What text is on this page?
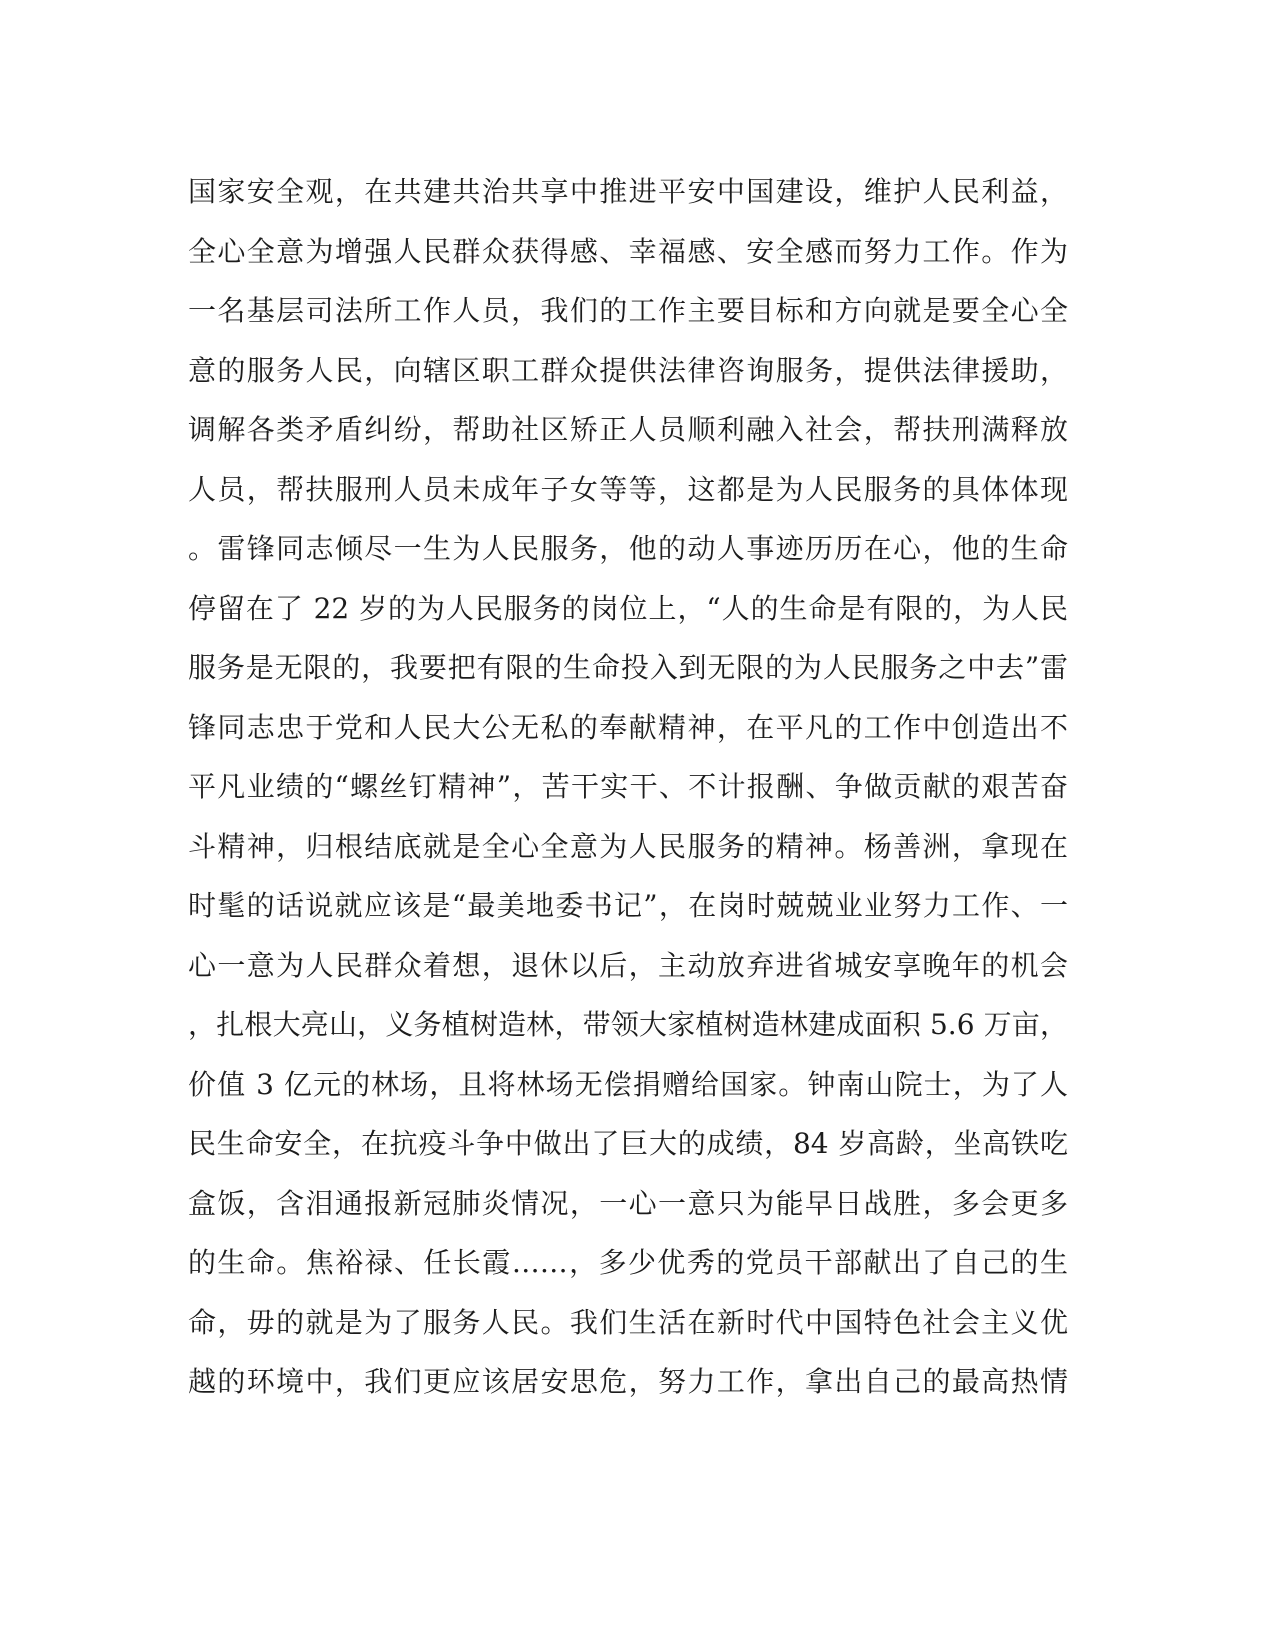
国家安全观，在共建共治共享中推进平安中国建设，维护人民利益，
全心全意为增强人民群众获得感、幸福感、安全感而努力工作。作为
一名基层司法所工作人员，我们的工作主要目标和方向就是要全心全
意的服务人民，向辖区职工群众提供法律咨询服务，提供法律援助，
调解各类矛盾纠纷，帮助社区矫正人员顺利融入社会，帮扶刑满释放
人员，帮扶服刑人员未成年子女等等，这都是为人民服务的具体体现
。雷锋同志倾尽一生为人民服务，他的动人事迹历历在心，他的生命
停留在了 22 岁的为人民服务的岗位上，“人的生命是有限的，为人民
服务是无限的，我要把有限的生命投入到无限的为人民服务之中去”雷
锋同志忠于党和人民大公无私的奉献精神，在平凡的工作中创造出不
平凡业绩的“螺丝钉精神”，苦干实干、不计报酬、争做贡献的艰苦奋
斗精神，归根结底就是全心全意为人民服务的精神。杨善洲，拿现在
时髦的话说就应该是“最美地委书记”，在岗时兢兢业业努力工作、一
心一意为人民群众着想，退休以后，主动放弃进省城安享晚年的机会
，扎根大亮山，义务植树造林，带领大家植树造林建成面积 5.6 万亩，
价值 3 亿元的林场，且将林场无偿捐赠给国家。钟南山院士，为了人
民生命安全，在抗疫斗争中做出了巨大的成绩，84 岁高龄，坐高铁吃
盒饭，含泪通报新冠肺炎情况，一心一意只为能早日战胜，多会更多
的生命。焦裕禄、任长霞……，多少优秀的党员干部献出了自己的生
命，毋的就是为了服务人民。我们生活在新时代中国特色社会主义优
越的环境中，我们更应该居安思危，努力工作，拿出自己的最高热情
